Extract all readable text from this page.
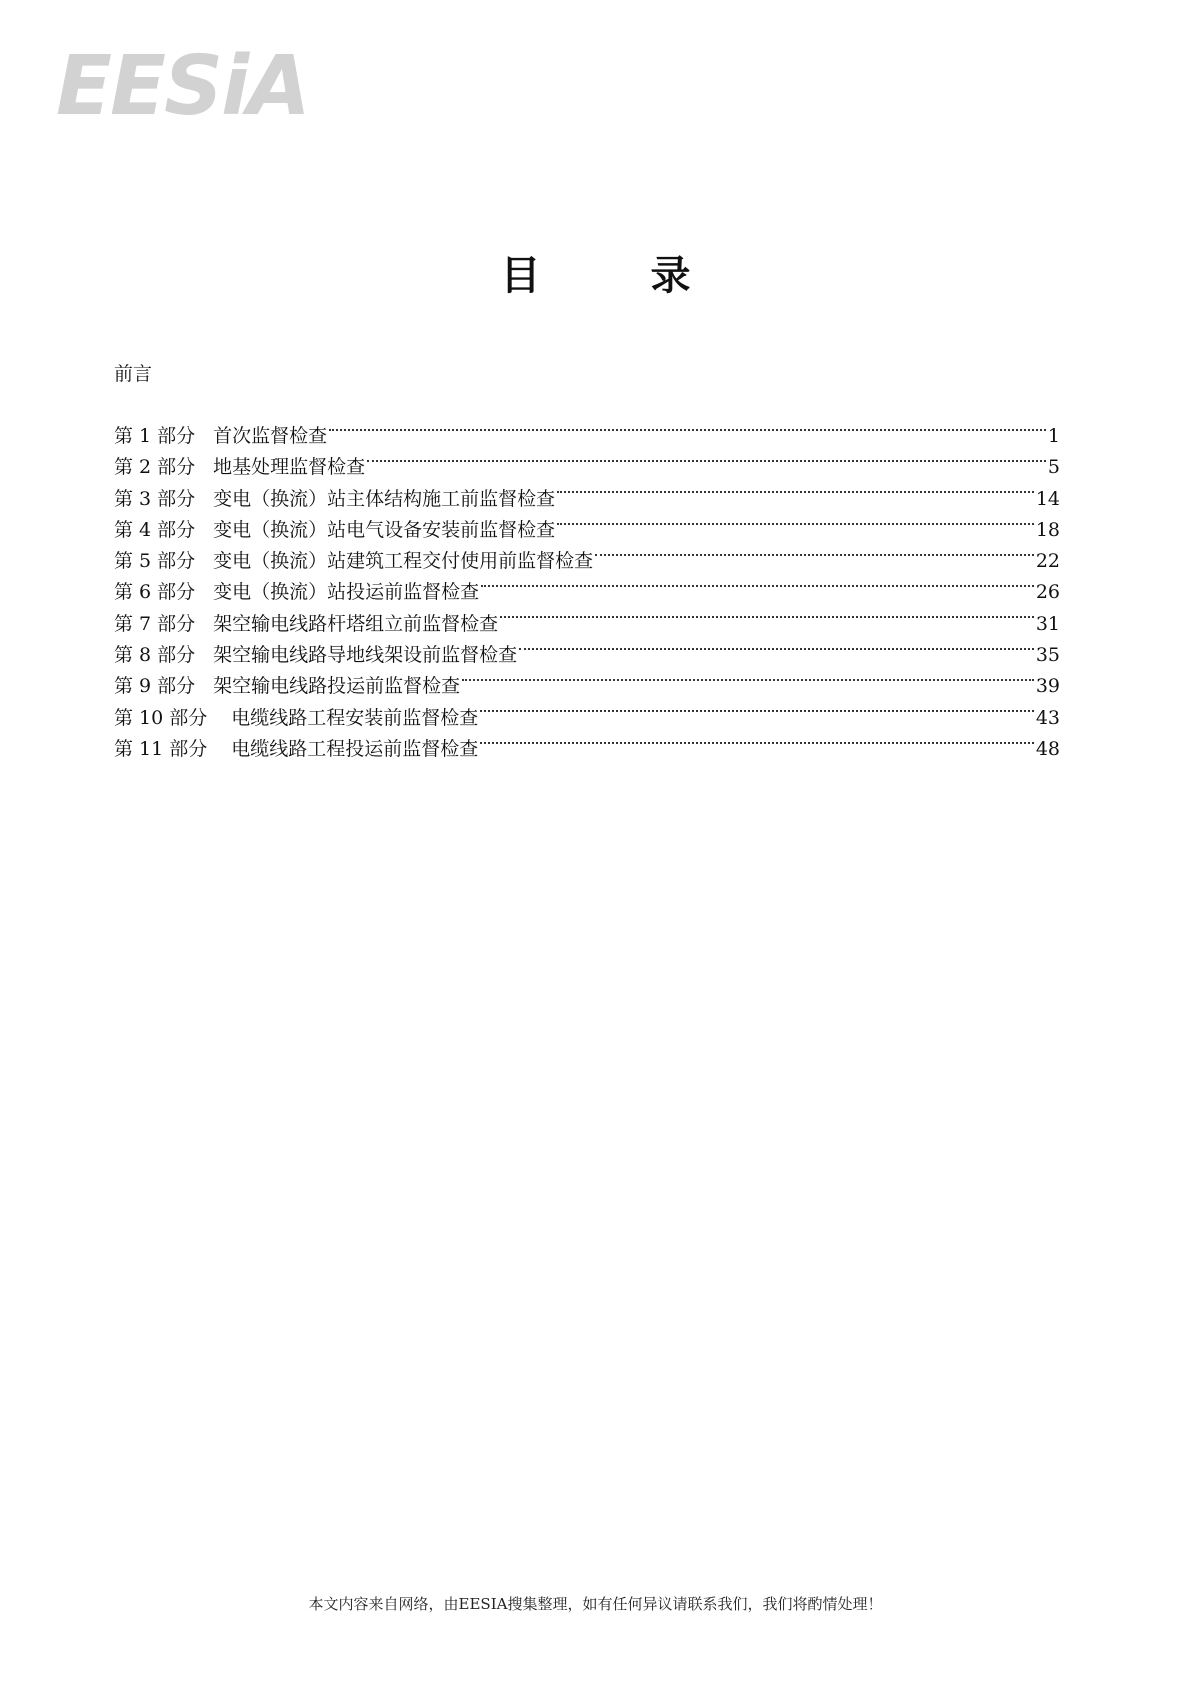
EESiA
目	录
前言
第 1 部分 首次监督检查	1
第 2 部分 地基处理监督检查	5
第 3 部分 变电（换流）站主体结构施工前监督检查	14
第 4 部分 变电（换流）站电气设备安装前监督检查	18
第 5 部分 变电（换流）站建筑工程交付使用前监督检查	22
第 6 部分 变电（换流）站投运前监督检查	26
第 7 部分 架空输电线路杆塔组立前监督检查	31
第 8 部分 架空输电线路导地线架设前监督检查	35
第 9 部分 架空输电线路投运前监督检查	39
第 10 部分 电缆线路工程安装前监督检查	43
第 11 部分 电缆线路工程投运前监督检查	48
本文内容来自网络，由EESIA搜集整理，如有任何异议请联系我们，我们将酌情处理！
